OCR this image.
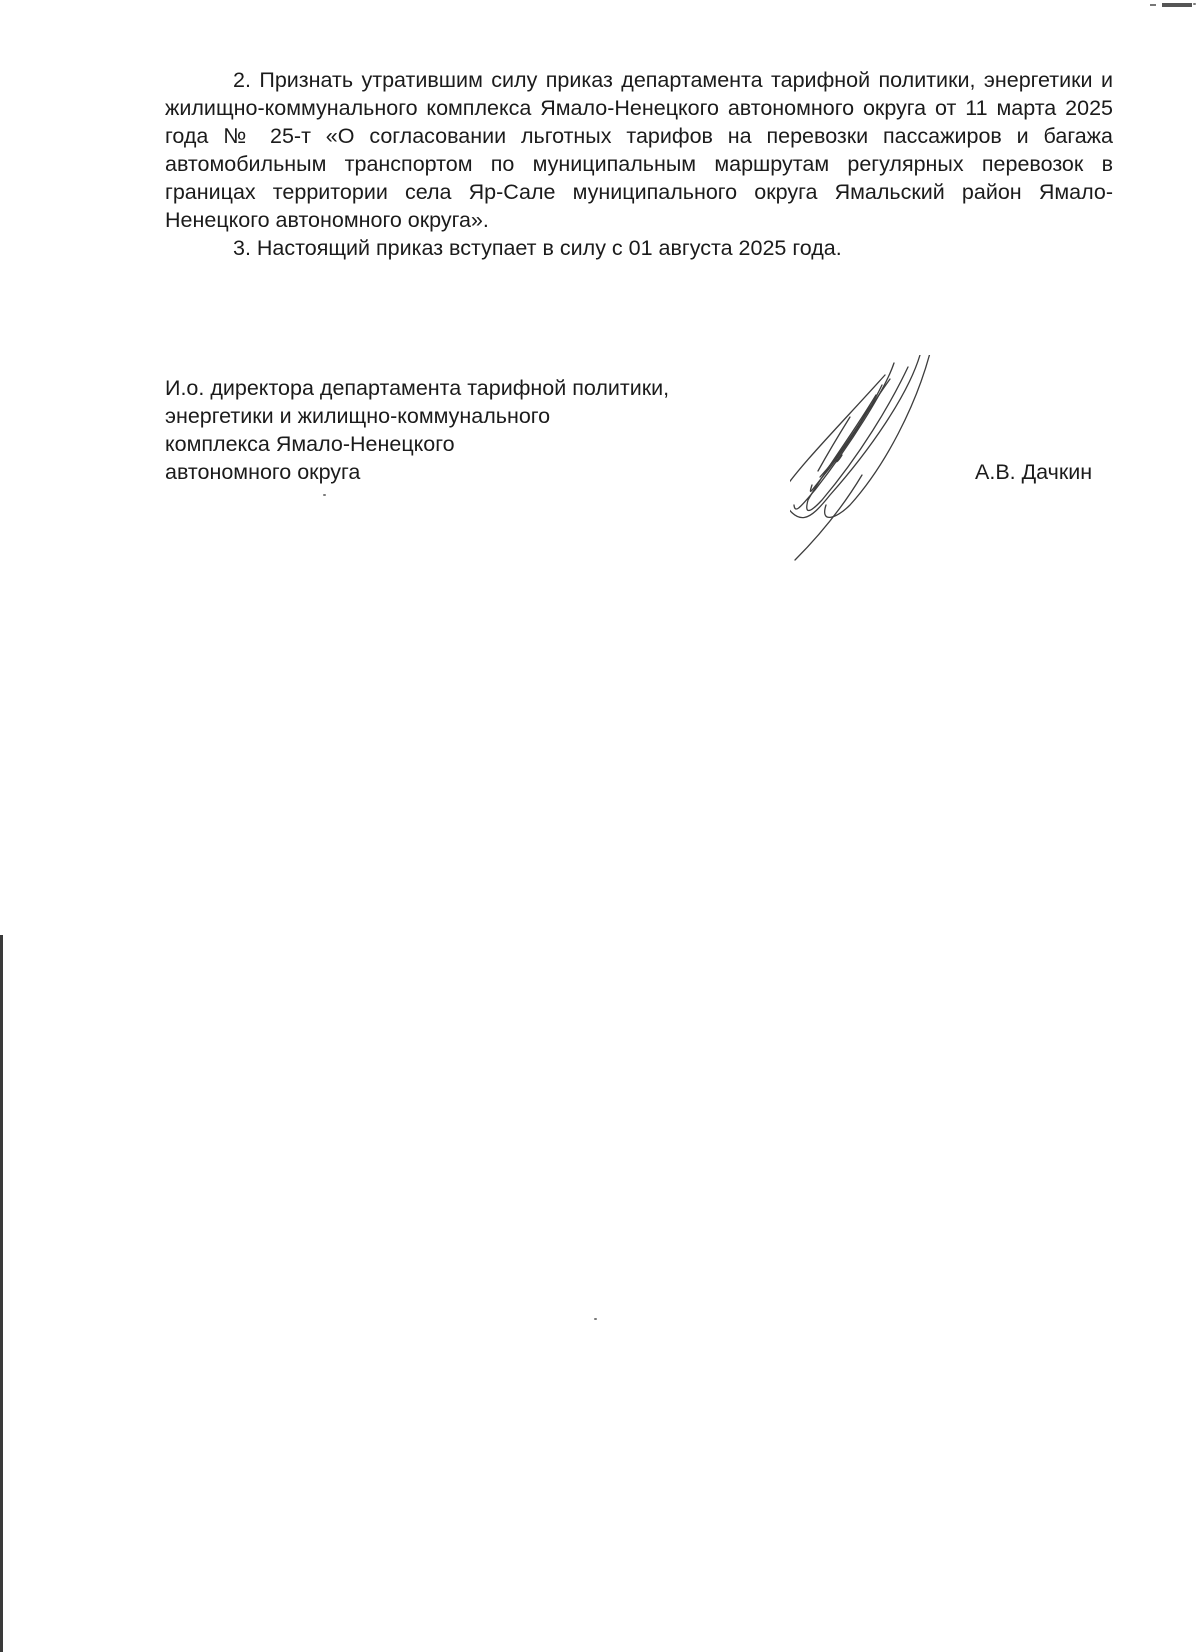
2. Признать утратившим силу приказ департамента тарифной политики, энергетики и жилищно-коммунального комплекса Ямало-Ненецкого автономного округа от 11 марта 2025 года № 25-т «О согласовании льготных тарифов на перевозки пассажиров и багажа автомобильным транспортом по муниципальным маршрутам регулярных перевозок в границах территории села Яр-Сале муниципального округа Ямальский район Ямало-Ненецкого автономного округа».

3. Настоящий приказ вступает в силу с 01 августа 2025 года.

И.о. директора департамента тарифной политики,
энергетики и жилищно-коммунального
комплекса Ямало-Ненецкого
автономного округа	А.В. Дачкин
